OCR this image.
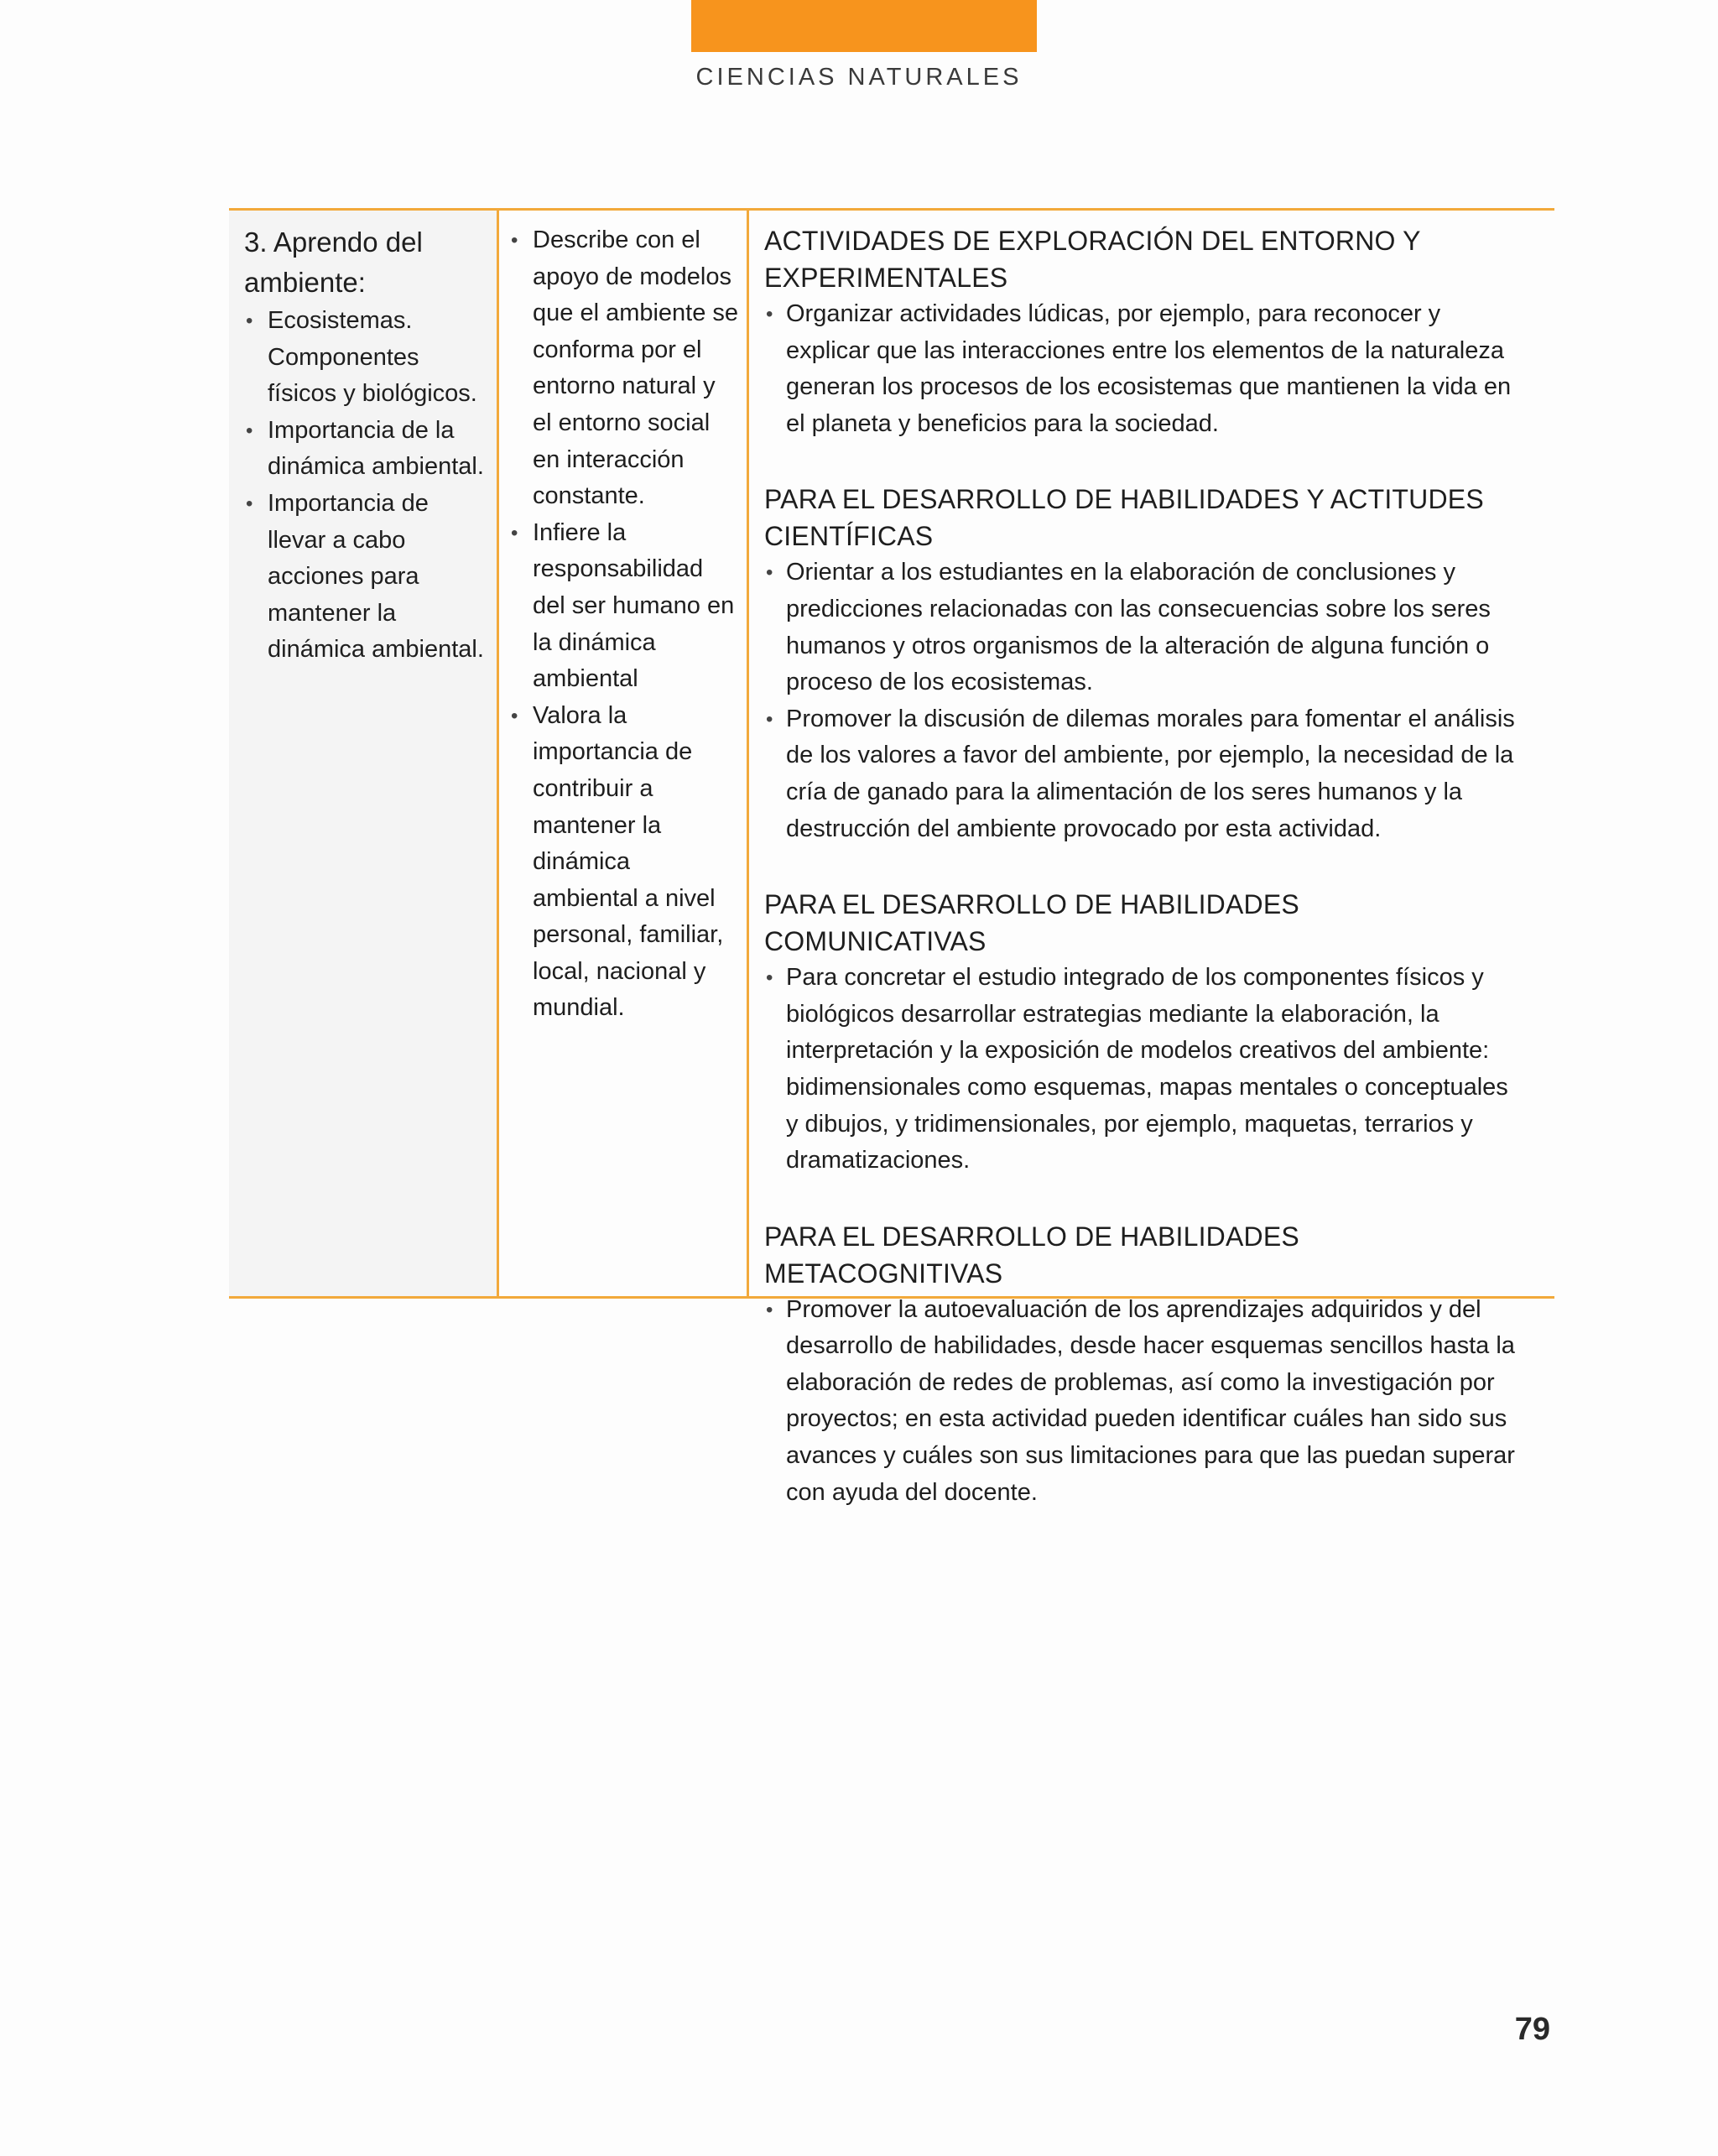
CIENCIAS NATURALES

3. Aprendo del ambiente:

• Ecosistemas. Componentes físicos y biológicos.
• Importancia de la dinámica ambiental.
• Importancia de llevar a cabo acciones para mantener la dinámica ambiental.
• Describe con el apoyo de modelos que el ambiente se conforma por el entorno natural y el entorno social en interacción constante.
• Infiere la responsabilidad del ser humano en la dinámica ambiental
• Valora la importancia de contribuir a mantener la dinámica ambiental a nivel personal, familiar, local, nacional y mundial.
ACTIVIDADES DE EXPLORACIÓN DEL ENTORNO Y EXPERIMENTALES
• Organizar actividades lúdicas, por ejemplo, para reconocer y explicar que las interacciones entre los elementos de la naturaleza generan los procesos de los ecosistemas que mantienen la vida en el planeta y beneficios para la sociedad.
PARA EL DESARROLLO DE HABILIDADES Y ACTITUDES CIENTÍFICAS
• Orientar a los estudiantes en la elaboración de conclusiones y predicciones relacionadas con las consecuencias sobre los seres humanos y otros organismos de la alteración de alguna función o proceso de los ecosistemas.
• Promover la discusión de dilemas morales para fomentar el análisis de los valores a favor del ambiente, por ejemplo, la necesidad de la cría de ganado para la alimentación de los seres humanos y la destrucción del ambiente provocado por esta actividad.
PARA EL DESARROLLO DE HABILIDADES COMUNICATIVAS
• Para concretar el estudio integrado de los componentes físicos y biológicos desarrollar estrategias mediante la elaboración, la interpretación y la exposición de modelos creativos del ambiente: bidimensionales como esquemas, mapas mentales o conceptuales y dibujos, y tridimensionales, por ejemplo, maquetas, terrarios y dramatizaciones.
PARA EL DESARROLLO DE HABILIDADES METACOGNITIVAS
• Promover la autoevaluación de los aprendizajes adquiridos y del desarrollo de habilidades, desde hacer esquemas sencillos hasta la elaboración de redes de problemas, así como la investigación por proyectos; en esta actividad pueden identificar cuáles han sido sus avances y cuáles son sus limitaciones para que las puedan superar con ayuda del docente.
79
